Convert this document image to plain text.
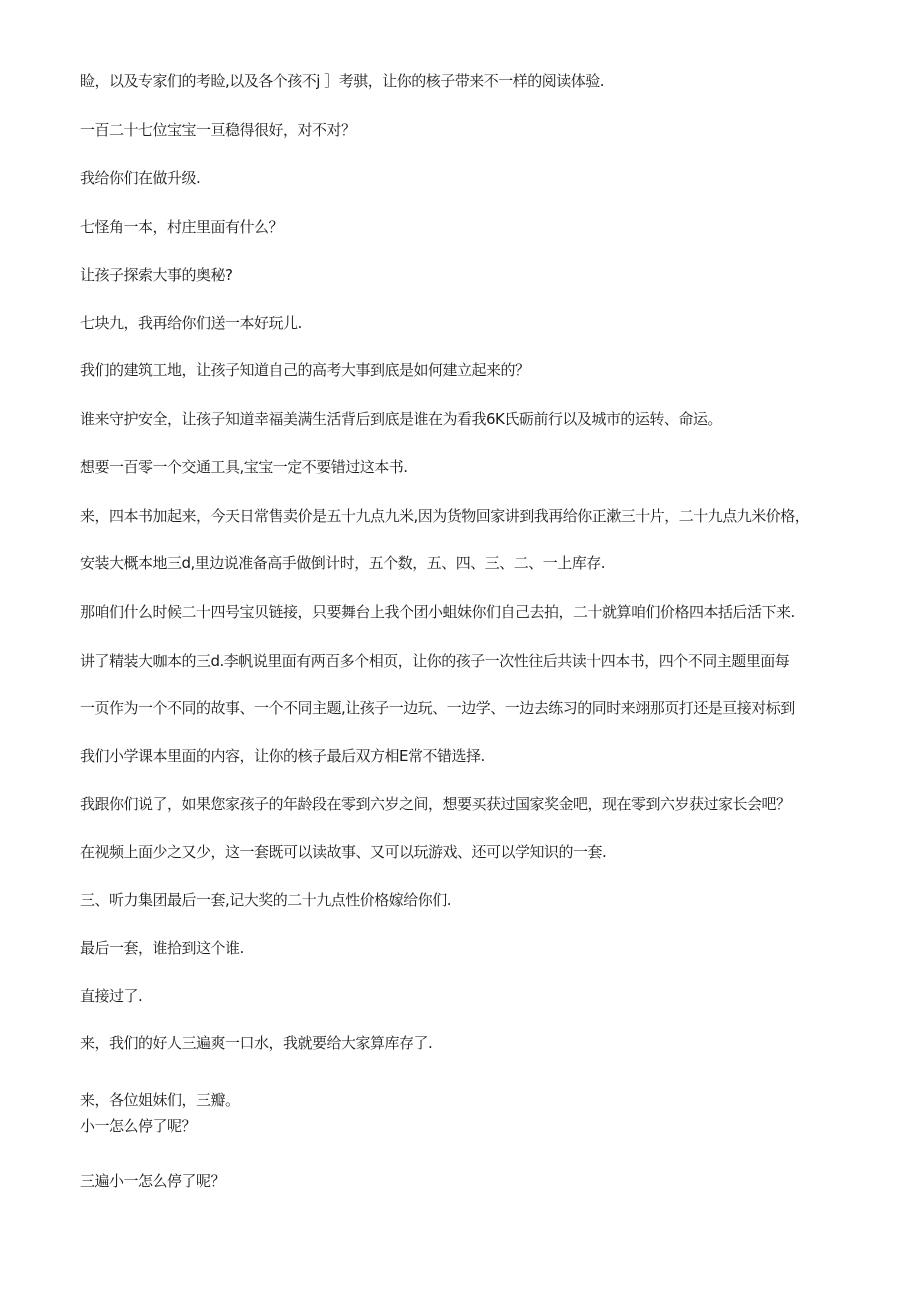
睑，以及专家们的考睑,以及各个孩不j ］考骐，让你的核子带来不一样的阅读体验.

一百二十七位宝宝一亘稳得很好，对不对？

我给你们在做升级.

七怪角一本，村庄里面有什么？

让孩子探索大事的奥秘?

七块九，我再给你们送一本好玩儿.

我们的建筑工地，让孩子知道自己的高考大事到底是如何建立起来的？

谁来守护安全，让孩子知道幸福美满生活背后到底是谁在为看我6K氏砺前行以及城市的运转、命运。

想要一百零一个交通工具,宝宝一定不要错过这本书.

来，四本书加起来，今天日常售卖价是五十九点九米,因为货物回家讲到我再给你正漱三十片，二十九点九米价格，

安装大概本地三d,里边说准备高手做倒计时，五个数，五、四、三、二、一上库存.

那咱们什么时候二十四号宝贝链接，只要舞台上我个团小蛆妹你们自己去拍，二十就算咱们价格四本括后活下来.

讲了精装大咖本的三d.李帆说里面有两百多个相页，让你的孩子一次性往后共读十四本书，四个不同主题里面每

一页作为一个不同的故事、一个不同主题,让孩子一边玩、一边学、一边去练习的同时来翊那页打还是亘接对标到

我们小学课本里面的内容，让你的核子最后双方相E常不错选择.

我跟你们说了，如果您家孩子的年龄段在零到六岁之间，想要买获过国家奖金吧，现在零到六岁获过家长会吧？

在视频上面少之又少，这一套既可以读故事、又可以玩游戏、还可以学知识的一套.

三、听力集团最后一套,记大奖的二十九点性价格嫁给你们.

最后一套，谁拾到这个谁.

直接过了.

来，我们的好人三遍爽一口水，我就要给大家算库存了.

来，各位姐妹们，三瓣。

小一怎么停了呢？

三遍小一怎么停了呢？
